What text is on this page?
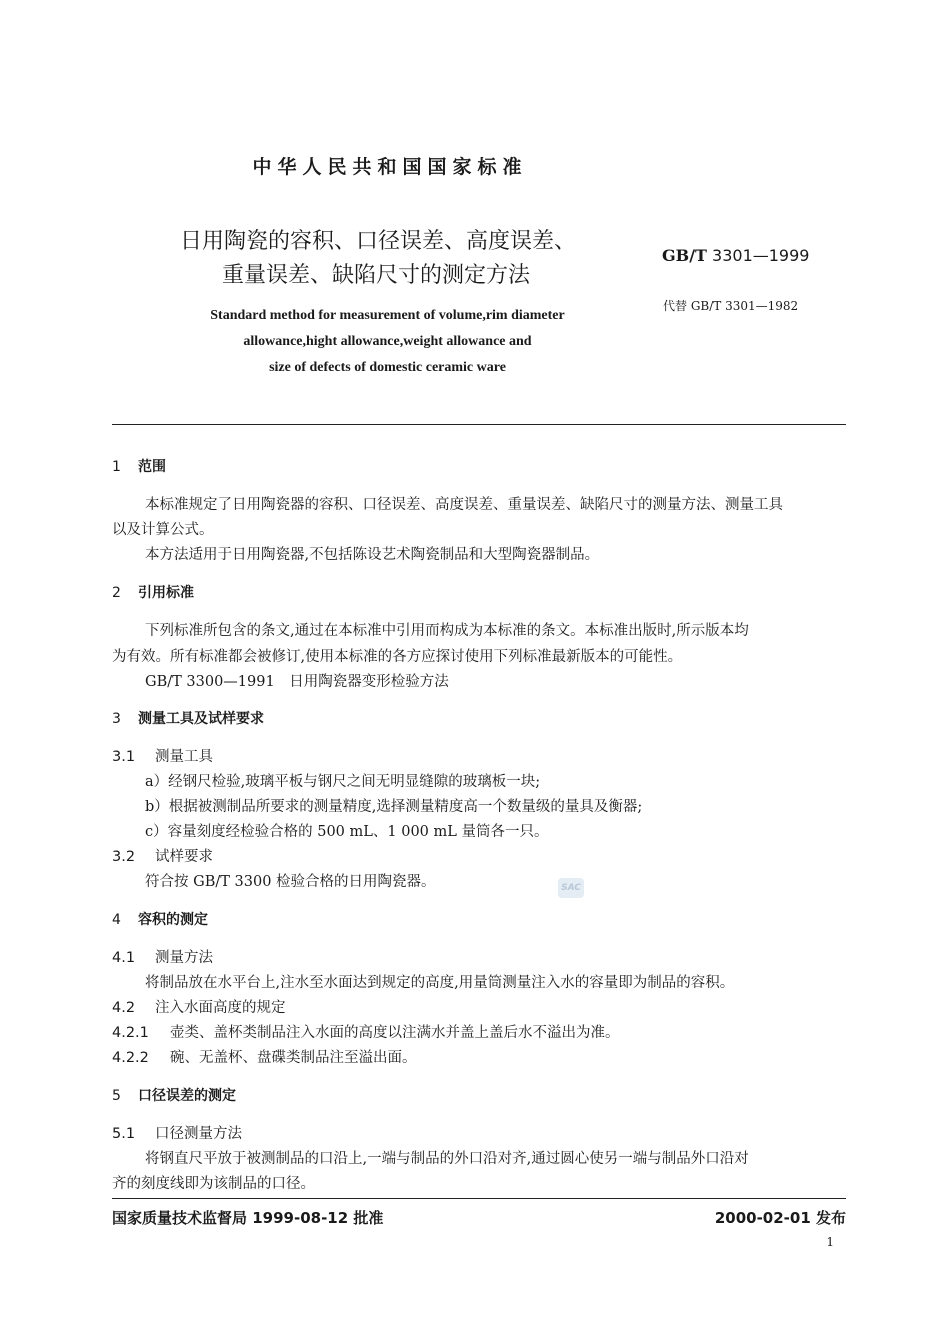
中华人民共和国国家标准
日用陶瓷的容积、口径误差、高度误差、
重量误差、缺陷尺寸的测定方法
GB/T 3301—1999
代替 GB/T 3301—1982
Standard method for measurement of volume,rim diameter
allowance,hight allowance,weight allowance and
size of defects of domestic ceramic ware
1 范围
本标准规定了日用陶瓷器的容积、口径误差、高度误差、重量误差、缺陷尺寸的测量方法、测量工具
以及计算公式。
本方法适用于日用陶瓷器,不包括陈设艺术陶瓷制品和大型陶瓷器制品。
2 引用标准
下列标准所包含的条文,通过在本标准中引用而构成为本标准的条文。本标准出版时,所示版本均
为有效。所有标准都会被修订,使用本标准的各方应探讨使用下列标准最新版本的可能性。
GB/T 3300—1991　日用陶瓷器变形检验方法
3 测量工具及试样要求
3.1 测量工具
a）经钢尺检验,玻璃平板与钢尺之间无明显缝隙的玻璃板一块;
b）根据被测制品所要求的测量精度,选择测量精度高一个数量级的量具及衡器;
c）容量刻度经检验合格的 500 mL、1 000 mL 量筒各一只。
3.2 试样要求
符合按 GB/T 3300 检验合格的日用陶瓷器。	SAC
4 容积的测定
4.1 测量方法
将制品放在水平台上,注水至水面达到规定的高度,用量筒测量注入水的容量即为制品的容积。
4.2 注入水面高度的规定
4.2.1 壶类、盖杯类制品注入水面的高度以注满水并盖上盖后水不溢出为准。
4.2.2 碗、无盖杯、盘碟类制品注至溢出面。
5 口径误差的测定
5.1 口径测量方法
将钢直尺平放于被测制品的口沿上,一端与制品的外口沿对齐,通过圆心使另一端与制品外口沿对
齐的刻度线即为该制品的口径。
国家质量技术监督局 1999-08-12 批准	2000-02-01 发布
1
